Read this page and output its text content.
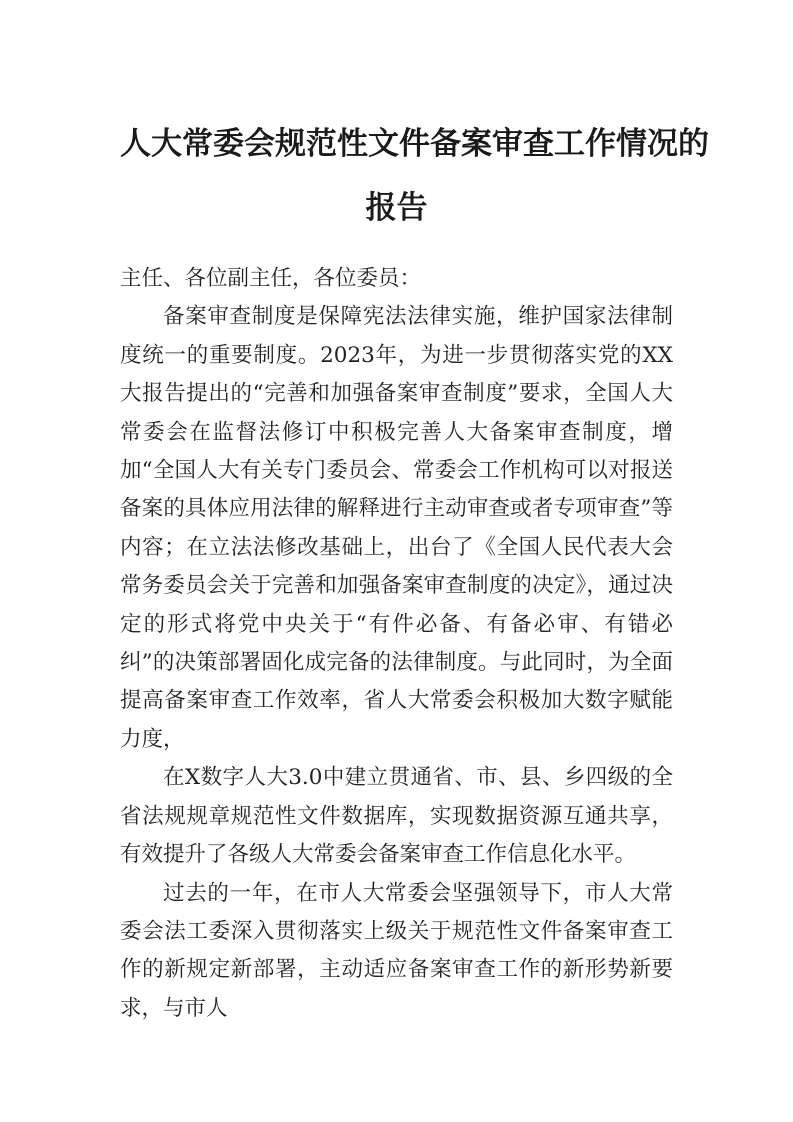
人大常委会规范性文件备案审查工作情况的
报告

主任、各位副主任，各位委员：

备案审查制度是保障宪法法律实施，维护国家法律制度统一的重要制度。2023年，为进一步贯彻落实党的XX大报告提出的“完善和加强备案审查制度”要求，全国人大常委会在监督法修订中积极完善人大备案审查制度，增加“全国人大有关专门委员会、常委会工作机构可以对报送备案的具体应用法律的解释进行主动审查或者专项审查”等内容；在立法法修改基础上，出台了《全国人民代表大会常务委员会关于完善和加强备案审查制度的决定》，通过决定的形式将党中央关于“有件必备、有备必审、有错必纠”的决策部署固化成完备的法律制度。与此同时，为全面提高备案审查工作效率，省人大常委会积极加大数字赋能力度，

在X数字人大3.0中建立贯通省、市、县、乡四级的全省法规规章规范性文件数据库，实现数据资源互通共享，有效提升了各级人大常委会备案审查工作信息化水平。

过去的一年，在市人大常委会坚强领导下，市人大常委会法工委深入贯彻落实上级关于规范性文件备案审查工作的新规定新部署，主动适应备案审查工作的新形势新要求，与市人
